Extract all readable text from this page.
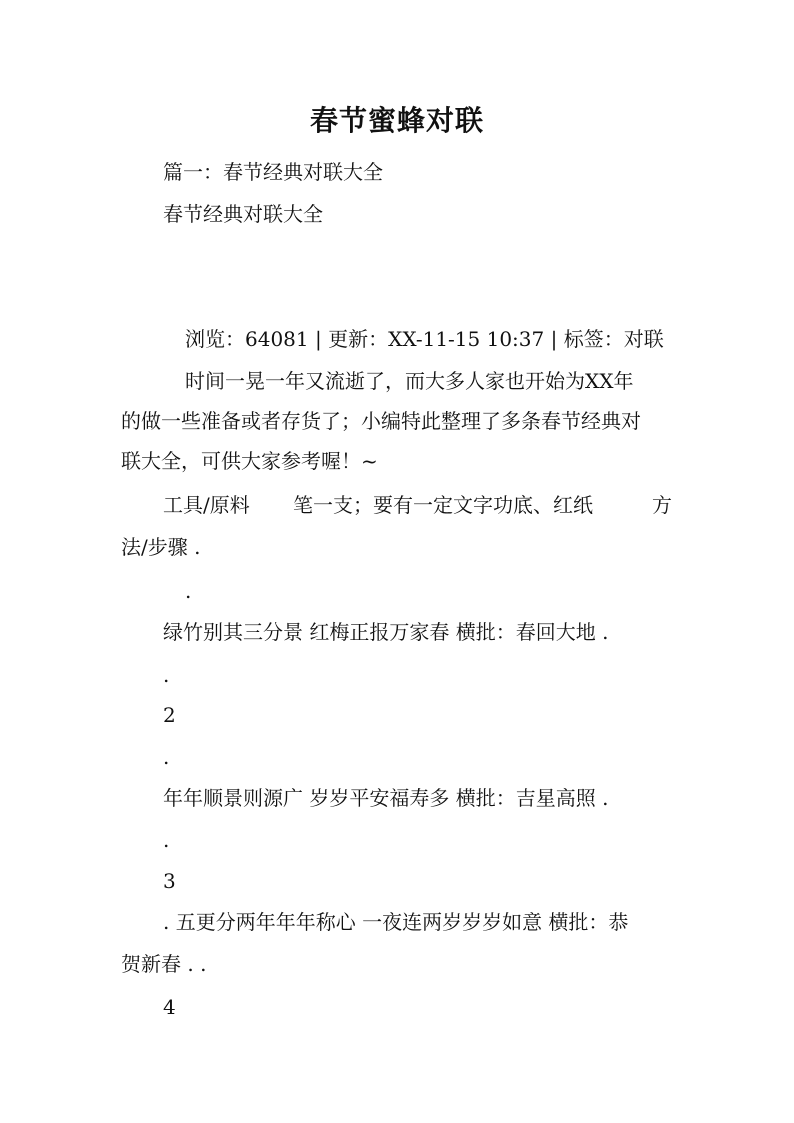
春节蜜蜂对联
篇一：春节经典对联大全
春节经典对联大全
浏览：64081 | 更新：XX-11-15 10:37 | 标签：对联
时间一晃一年又流逝了，而大多人家也开始为XX年
的做一些准备或者存货了；小编特此整理了多条春节经典对
联大全，可供大家参考喔！~
工具/原料 笔一支；要有一定文字功底、红纸	方
法/步骤 .
.
绿竹别其三分景 红梅正报万家春 横批：春回大地 .
.
2
.
年年顺景则源广 岁岁平安福寿多 横批：吉星高照 .
.
3
. 五更分两年年年称心 一夜连两岁岁岁如意 横批：恭
贺新春 . .
4
